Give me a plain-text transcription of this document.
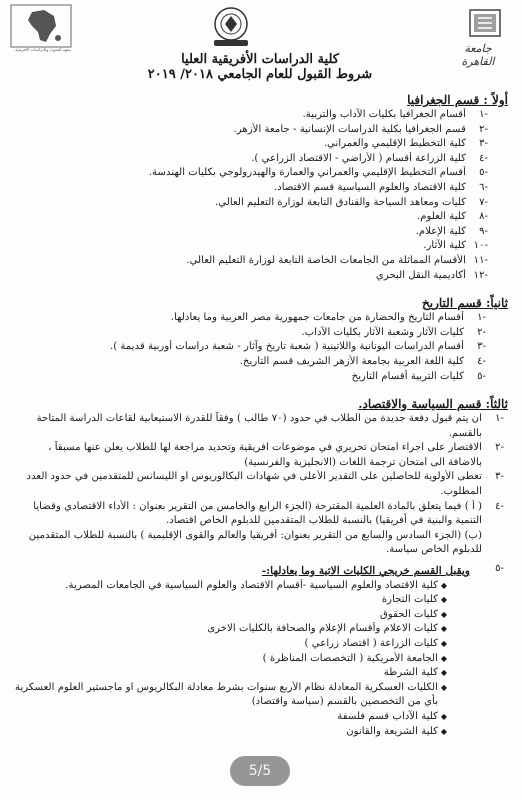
معهد البحوث والدراسات الأفريقية	جامعة القاهرة
كلية الدراسات الأفريقية العليا
شروط القبول للعام الجامعي ٢٠١٨/ ٢٠١٩
أولاً : قسم الجغرافيا
-١
أقسام الجغرافيا بكليات الآداب والتربية.
-٢
قسم الجغرافيا بكلية الدراسات الإنسانية - جامعة الأزهر.
-٣
كلية التخطيط الإقليمي والعمراني.
-٤
كلية الزراعة أقسام ( الأراضي - الاقتصاد الزراعي ).
-٥
أقسام التخطيط الإقليمي والعمراني والعمارة والهيدرولوجي بكليات الهندسة.
-٦
كلية الاقتصاد والعلوم السياسية قسم الاقتصاد.
-٧
كليات ومعاهد السياحة والفنادق التابعة لوزارة التعليم العالي.
-٨
كلية العلوم.
-٩
كلية الإعلام.
-١٠
كلية الآثار.
-١١
الأقسام المماثلة من الجامعات الخاصة التابعة لوزارة التعليم العالي.
-١٢
أكاديمية النقل البحري
ثانياً: قسم التاريخ
-١
أقسام التاريخ والحضارة من جامعات جمهورية مصر العربية وما يعادلها.
-٢
كليات الآثار وشعبة الآثار بكليات الآداب.
-٣
أقسام الدراسات اليونانية واللاتينية ( شعبة تاريخ وآثار - شعبة دراسات أوربية قديمة ).
-٤
كلية اللغة العربية بجامعة الأزهر الشريف قسم التاريخ.
-٥
كليات التربية أقسام التاريخ
ثالثاً: قسم السياسة والاقتصاد.
-١
ان يتم قبول دفعة جديدة من الطلاب في حدود (٧٠ طالب ) وفقاً للقدرة الاستيعابية لقاعات الدراسة المتاحة بالقسم.
-٢
الاقتصار على اجراء امتحان تحريري في موضوعات افريقية وتحديد مراجعة لها للطلاب يعلن عنها مسبقاً ، بالاضافة الى امتحان ترجمة اللغات (الانجليزية والفرنسية)
-٣
تعطى الأولوية للحاصلين على التقدير الأعلى في شهادات البكالوريوس او الليسانس للمتقدمين في حدود العدد المطلوب.
-٤
( أ ) فيما يتعلق بالمادة العلمية المقترحة (الجزء الرابع والخامس من التقرير بعنوان : الأداء الاقتصادي وقضايا التنمية والبنية في أفريقيا) بالنسبة للطلاب المتقدمين للدبلوم الخاص اقتصاد.
(ب) (الجزء السادس والسابع من التقرير بعنوان: أفريقيا والعالم والقوى الإقليمية ) بالنسبة للطلاب المتقدمين للدبلوم الخاص سياسة.
-٥
ويقبل القسم خريجي الكليات الاتية وما يعادلها:-
◆
كلية الاقتصاد والعلوم السياسية -أقسام الاقتصاد والعلوم السياسية في الجامعات المصرية.
◆
كليات التجارة
◆
كليات الحقوق
◆
كليات الاعلام وأقسام الإعلام والصحافة بالكليات الاخرى
◆
كليات الزراعة ( اقتصاد زراعي )
◆
الجامعة الأمريكية ( التخصصات المناظرة )
◆
كلية الشرطة
◆
الكليات العسكرية المعادلة نظام الأربع سنوات بشرط معادلة البكالريوس او ماجستير العلوم العسكرية بأي من التخصصين بالقسم (سياسة واقتصاد)
◆
كلية الآداب قسم فلسفة
◆
كلية الشريعة والقانون
5/5
